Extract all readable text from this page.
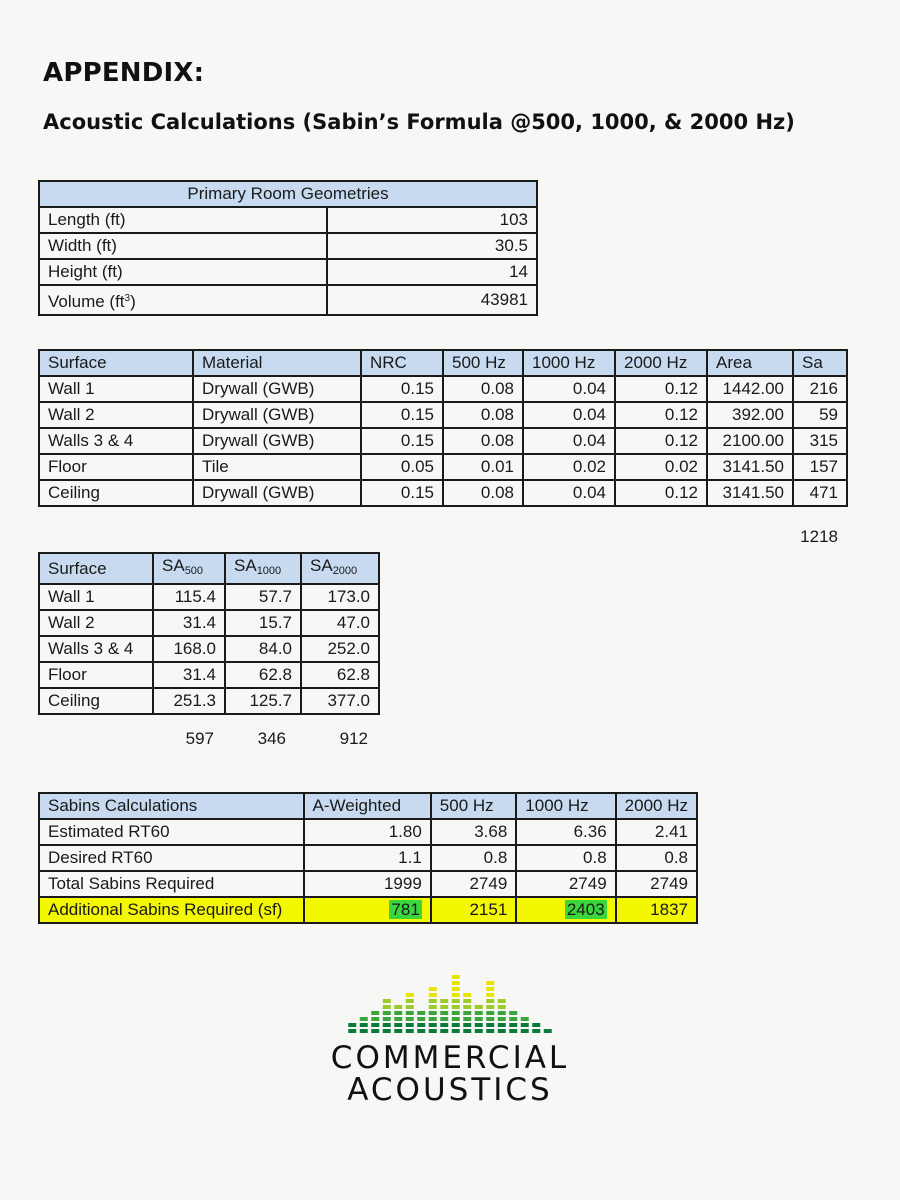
APPENDIX:
Acoustic Calculations (Sabin’s Formula @500, 1000, & 2000 Hz)
Primary Room Geometries	
Length (ft)	103
Width (ft)	30.5
Height (ft)	14
Volume $(ft^3)$	43981
Surface	Material	NRC	500 Hz	1000 Hz	2000 Hz	Area	Sa
Wall 1	Drywall (GWB)	0.15	0.08	0.04	0.12	1442.00	216
Wall 2	Drywall (GWB)	0.15	0.08	0.04	0.12	392.00	59
Walls 3 & 4	Drywall (GWB)	0.15	0.08	0.04	0.12	2100.00	315
Floor	Tile	0.05	0.01	0.02	0.02	3141.50	157
Ceiling	Drywall (GWB)	0.15	0.08	0.04	0.12	3141.50	471
1218
Surface	$SA_{500}$	$SA_{1000}$	$SA_{2000}$
Wall 1	115.4	57.7	173.0
Wall 2	31.4	15.7	47.0
Walls 3 & 4	168.0	84.0	252.0
Floor	31.4	62.8	62.8
Ceiling	251.3	125.7	377.0
597	346	912
Sabins Calculations	A-Weighted	500 Hz	1000 Hz	2000 Hz
Estimated RT60	1.80	3.68	6.36	2.41
Desired RT60	1.1	0.8	0.8	0.8
Total Sabins Required	1999	2749	2749	2749
Additional Sabins Required (sf)	781	2151	2403	1837
COMMERCIAL
ACOUSTICS
